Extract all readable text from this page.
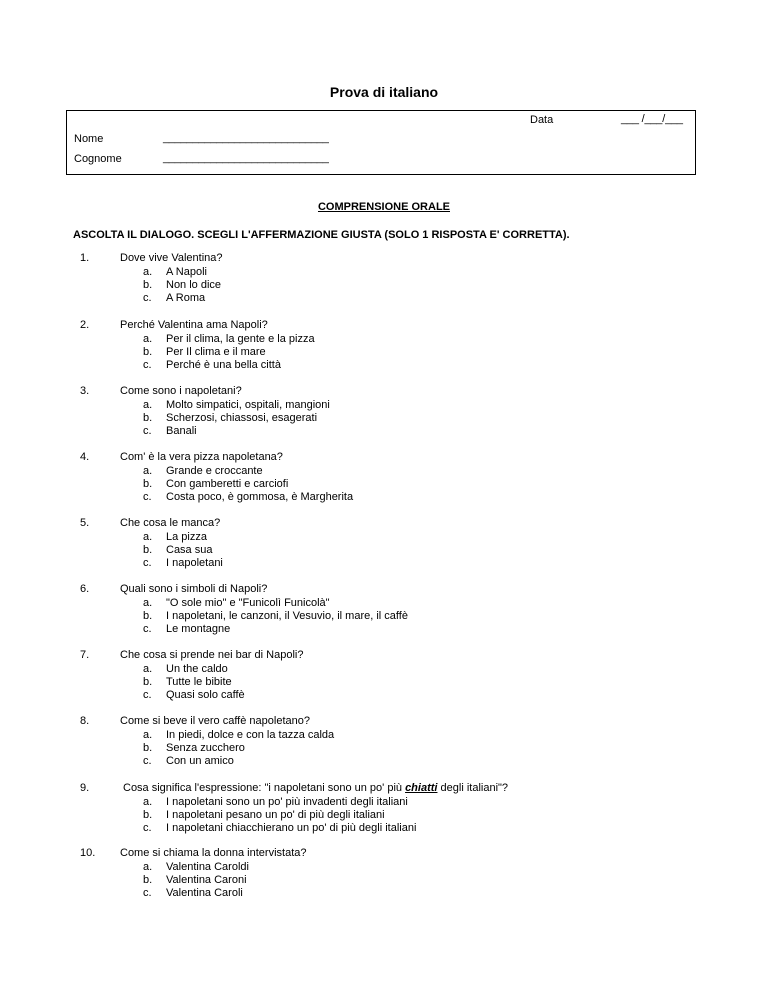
Prova di italiano
Data	___ /___/___
Nome	____________________________
Cognome	____________________________
COMPRENSIONE ORALE
ASCOLTA IL DIALOGO. SCEGLI L'AFFERMAZIONE GIUSTA (SOLO 1 RISPOSTA E' CORRETTA).
1.	Dove vive Valentina?
a. A Napoli
b. Non lo dice
c. A Roma
2.	Perché Valentina ama Napoli?
a. Per il clima, la gente e la pizza
b. Per Il clima e il mare
c. Perché è una bella città
3.	Come sono i napoletani?
a. Molto simpatici, ospitali, mangioni
b. Scherzosi, chiassosi, esagerati
c. Banali
4.	Com' è la vera pizza napoletana?
a. Grande e croccante
b. Con gamberetti e carciofi
c. Costa poco, è gommosa, è Margherita
5.	Che cosa le manca?
a. La pizza
b. Casa sua
c. I napoletani
6.	Quali sono i simboli di Napoli?
a. "O sole mio" e "Funicolì Funicolà"
b. I napoletani, le canzoni, il Vesuvio, il mare, il caffè
c. Le montagne
7.	Che cosa si prende nei bar di Napoli?
a. Un the caldo
b. Tutte le bibite
c. Quasi solo caffè
8.	Come si beve il vero caffè napoletano?
a. In piedi, dolce e con la tazza calda
b. Senza zucchero
c. Con un amico
9.	Cosa significa l'espressione: "i napoletani sono un po' più chiatti degli italiani"?
a. I napoletani sono un po' più invadenti degli italiani
b. I napoletani pesano un po' di più degli italiani
c. I napoletani chiacchierano un po' di più degli italiani
10.	Come si chiama la donna intervistata?
a. Valentina Caroldi
b. Valentina Caroni
c. Valentina Caroli
